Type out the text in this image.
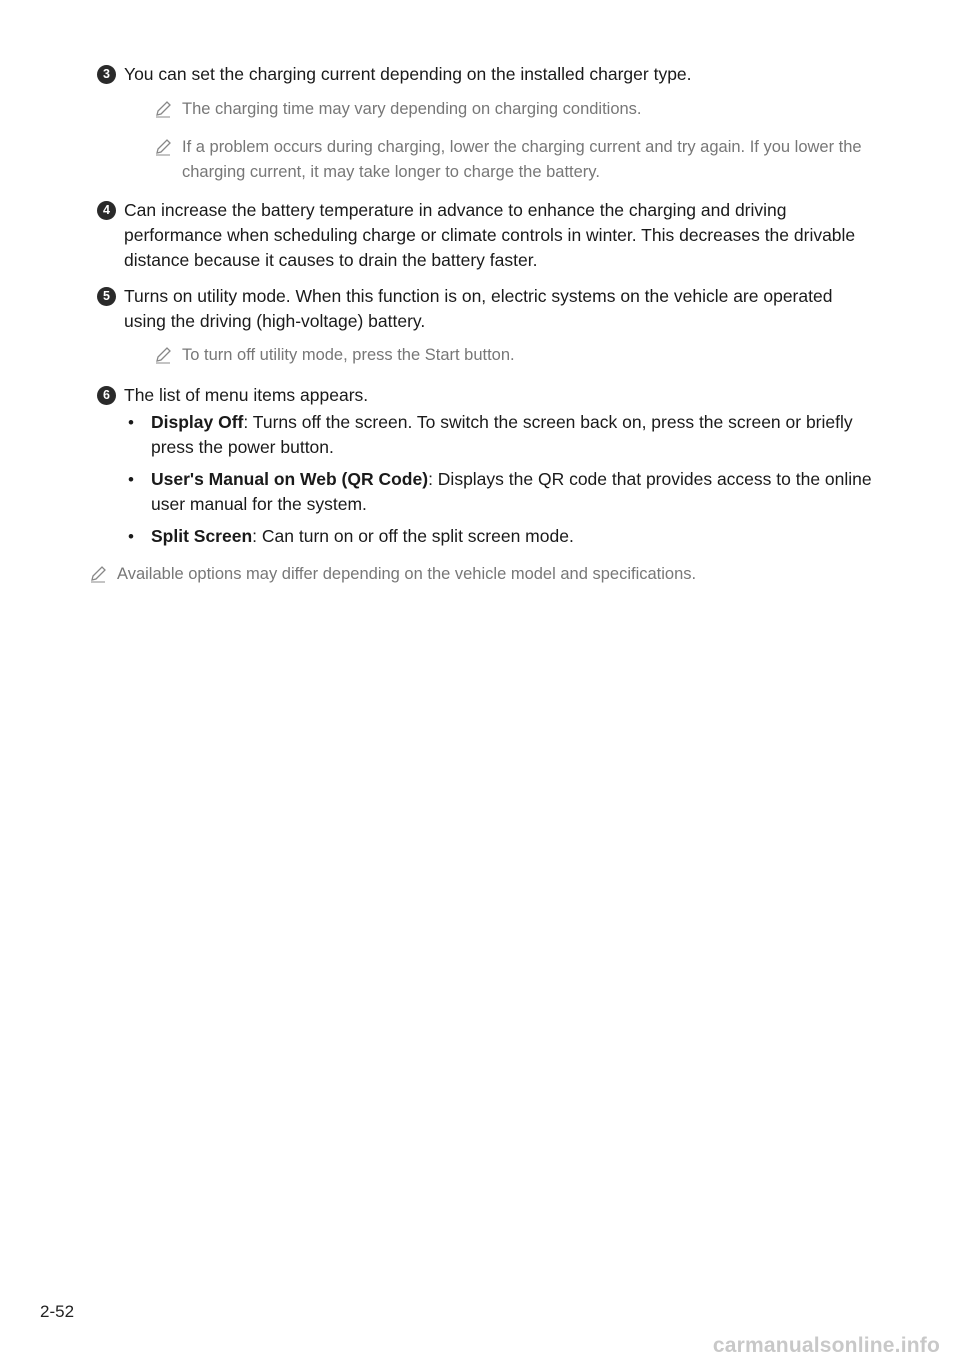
3 You can set the charging current depending on the installed charger type.
The charging time may vary depending on charging conditions.
If a problem occurs during charging, lower the charging current and try again. If you lower the charging current, it may take longer to charge the battery.
4 Can increase the battery temperature in advance to enhance the charging and driving performance when scheduling charge or climate controls in winter. This decreases the drivable distance because it causes to drain the battery faster.
5 Turns on utility mode. When this function is on, electric systems on the vehicle are operated using the driving (high-voltage) battery.
To turn off utility mode, press the Start button.
6 The list of menu items appears.
• Display Off: Turns off the screen. To switch the screen back on, press the screen or briefly press the power button.
• User's Manual on Web (QR Code): Displays the QR code that provides access to the online user manual for the system.
• Split Screen: Can turn on or off the split screen mode.
Available options may differ depending on the vehicle model and specifications.
2-52
carmanualsonline.info
